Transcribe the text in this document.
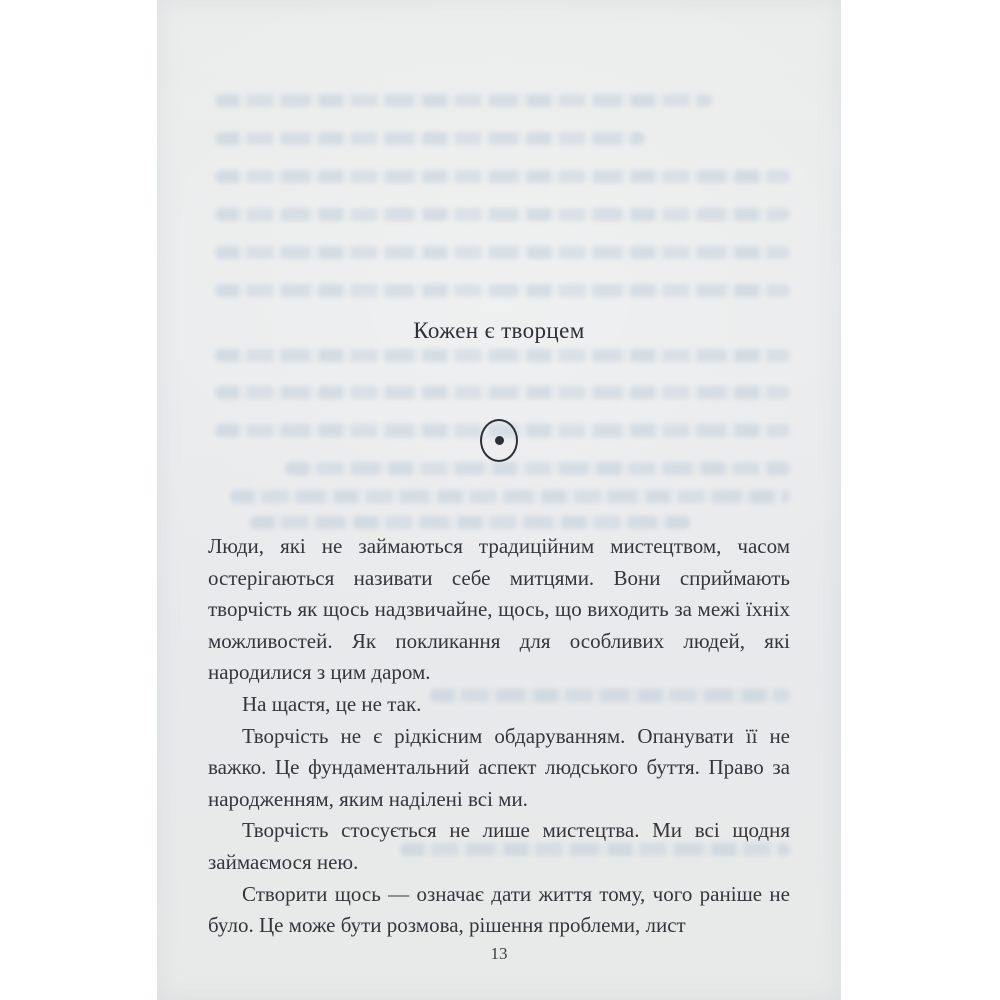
Кожен є творцем

Люди, які не займаються традиційним мистецтвом, часом остерігаються називати себе митцями. Вони сприймають творчість як щось надзвичайне, щось, що виходить за межі їхніх можливостей. Як покликання для особливих людей, які народилися з цим даром.

На щастя, це не так.

Творчість не є рідкісним обдаруванням. Опанувати її не важко. Це фундаментальний аспект людського буття. Право за народженням, яким наділені всі ми.

Творчість стосується не лише мистецтва. Ми всі щодня займаємося нею.

Створити щось — означає дати життя тому, чого раніше не було. Це може бути розмова, рішення проблеми, лист

13
